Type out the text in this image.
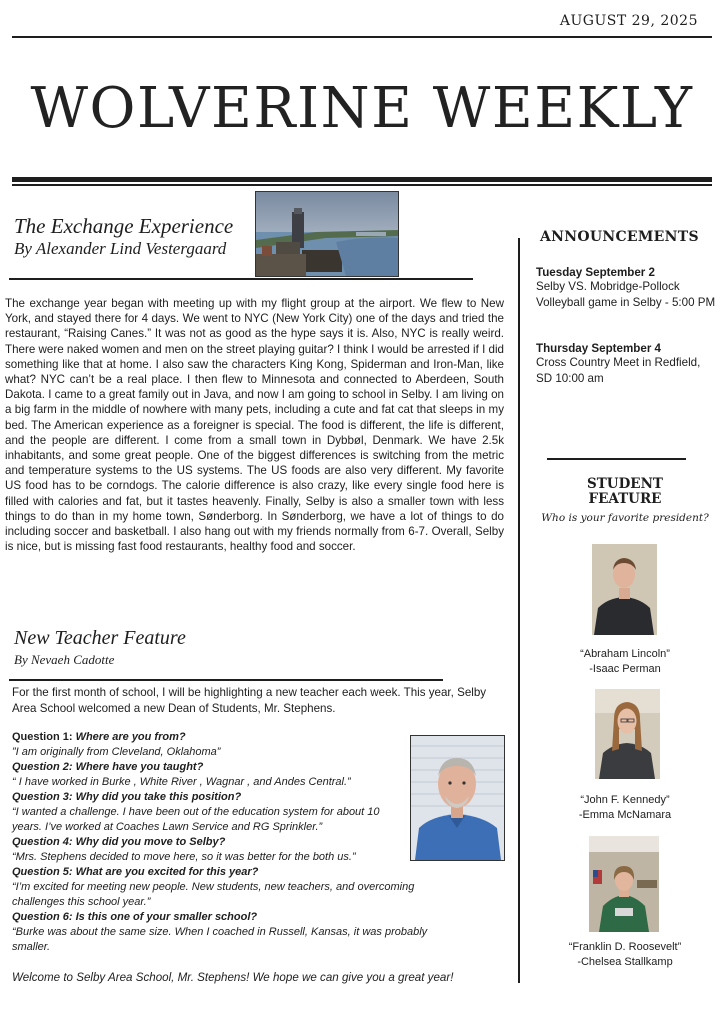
AUGUST 29, 2025
WOLVERINE WEEKLY
The Exchange Experience
By Alexander Lind Vestergaard

The exchange year began with meeting up with my flight group at the airport. We flew to New York, and stayed there for 4 days. We went to NYC (New York City) one of the days and tried the restaurant, “Raising Canes.” It was not as good as the hype says it is. Also, NYC is really weird. There were naked women and men on the street playing guitar? I think I would be arrested if I did something like that at home. I also saw the characters King Kong, Spiderman and Iron-Man, like what? NYC can’t be a real place. I then flew to Minnesota and connected to Aberdeen, South Dakota. I came to a great family out in Java, and now I am going to school in Selby. I am living on a big farm in the middle of nowhere with many pets, including a cute and fat cat that sleeps in my bed. The American experience as a foreigner is special. The food is different, the life is different, and the people are different. I come from a small town in Dybbøl, Denmark. We have 2.5k inhabitants, and some great people. One of the biggest differences is switching from the metric and temperature systems to the US systems. The US foods are also very different. My favorite US food has to be corndogs. The calorie difference is also crazy, like every single food here is filled with calories and fat, but it tastes heavenly. Finally, Selby is also a smaller town with less things to do than in my home town, Sønderborg. In Sønderborg, we have a lot of things to do including soccer and basketball. I also hang out with my friends normally from 6-7. Overall, Selby is nice, but is missing fast food restaurants, healthy food and soccer.

New Teacher Feature
By Nevaeh Cadotte

For the first month of school, I will be highlighting a new teacher each week. This year, Selby Area School welcomed a new Dean of Students, Mr. Stephens.

Question 1: Where are you from?
”I am originally from Cleveland, Oklahoma”
Question 2: Where have you taught?
“ I have worked in Burke , White River , Wagnar , and Andes Central.”
Question 3: Why did you take this position?
“I wanted a challenge. I have been out of the education system for about 10 years. I’ve worked at Coaches Lawn Service and RG Sprinkler.”
Question 4: Why did you move to Selby?
“Mrs. Stephens decided to move here, so it was better for the both us.”
Question 5: What are you excited for this year?
“I’m excited for meeting new people. New students, new teachers, and overcoming challenges this school year.”
Question 6: Is this one of your smaller school?
“Burke was about the same size. When I coached in Russell, Kansas, it was probably smaller.
Welcome to Selby Area School, Mr. Stephens! We hope we can give you a great year!
ANNOUNCEMENTS
Tuesday September 2
Selby VS. Mobridge-Pollock Volleyball game in Selby - 5:00 PM
Thursday September 4
Cross Country Meet in Redfield, SD 10:00 am
STUDENT
FEATURE
Who is your favorite president?
“Abraham Lincoln”
-Isaac Perman
“John F. Kennedy”
-Emma McNamara
“Franklin D. Roosevelt”
-Chelsea Stallkamp
